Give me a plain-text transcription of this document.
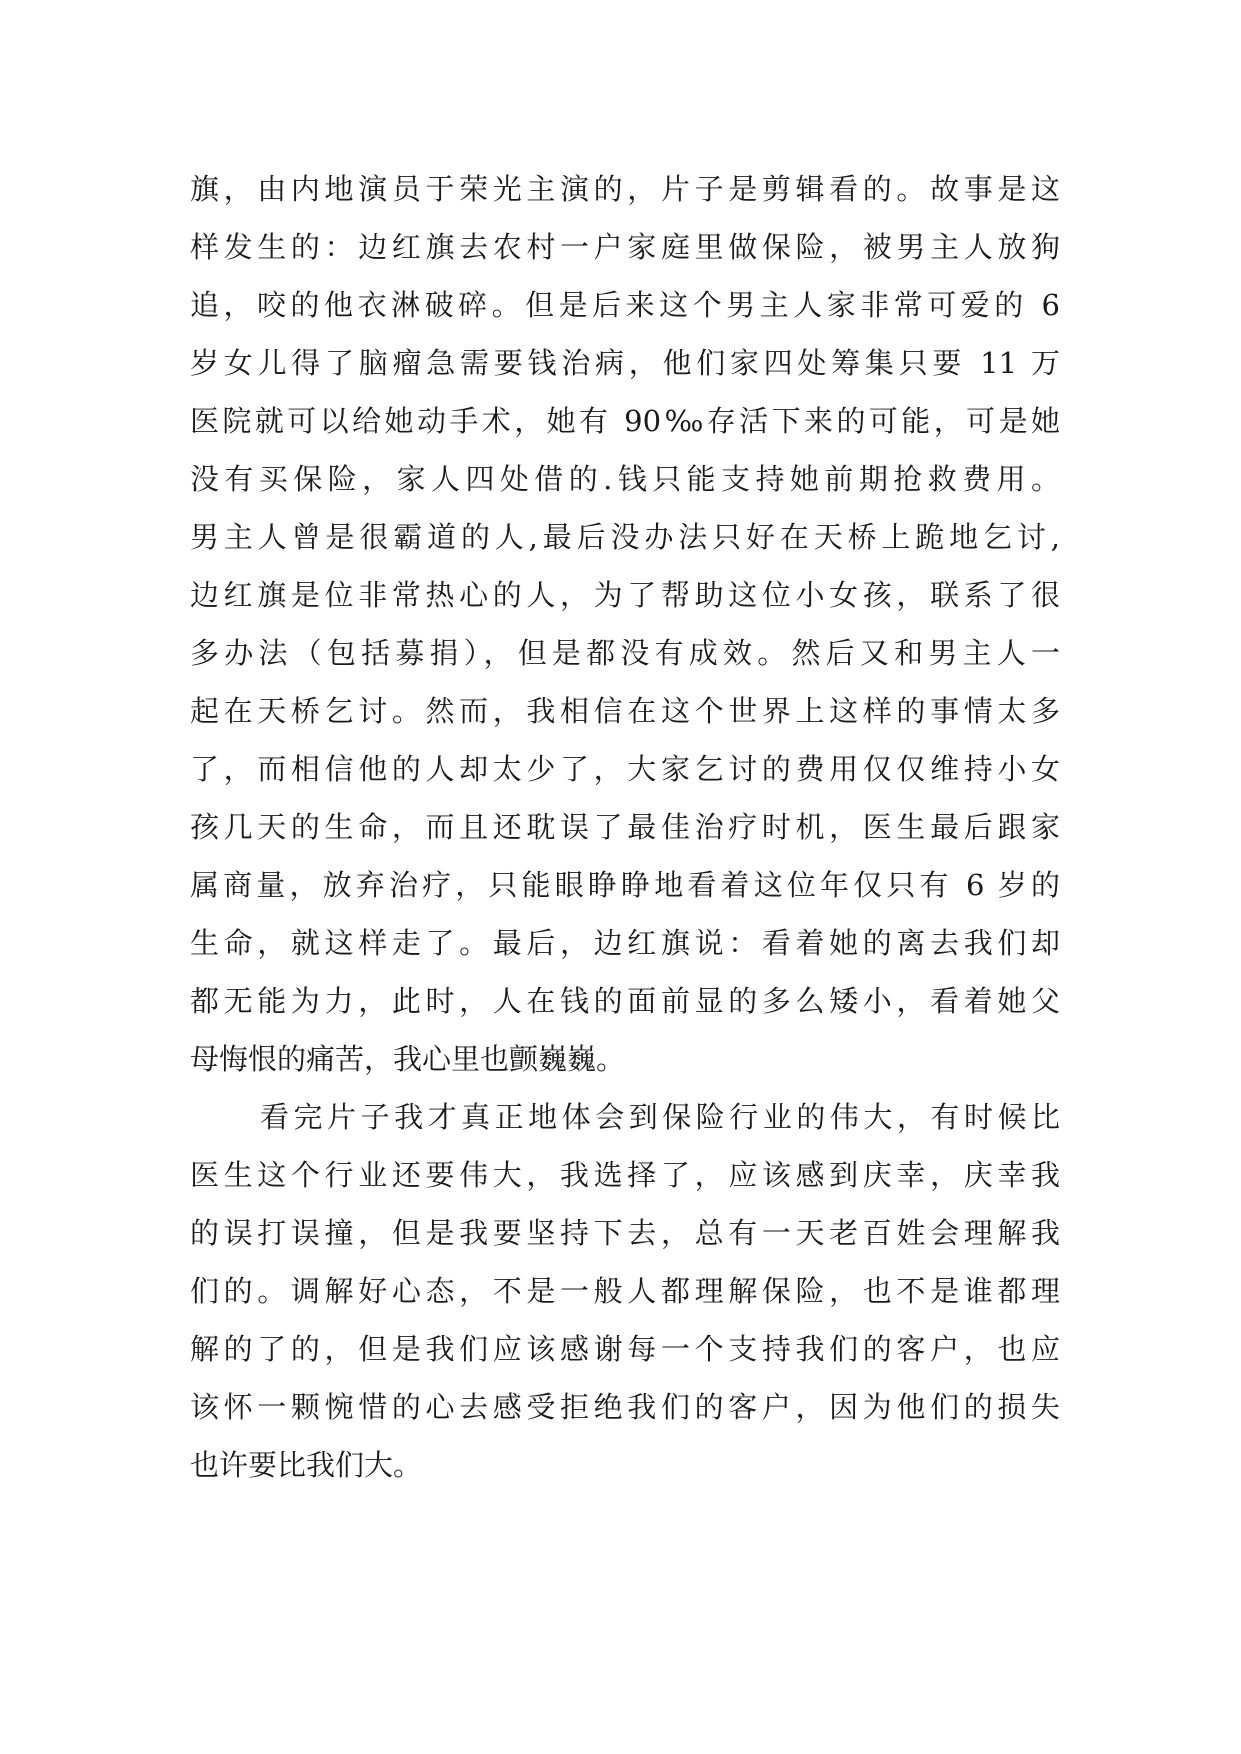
旗，由内地演员于荣光主演的，片子是剪辑看的。故事是这
样发生的：边红旗去农村一户家庭里做保险，被男主人放狗
追，咬的他衣淋破碎。但是后来这个男主人家非常可爱的 6
岁女儿得了脑瘤急需要钱治病，他们家四处筹集只要 11 万
医院就可以给她动手术，她有 90‰存活下来的可能，可是她
没有买保险，家人四处借的.钱只能支持她前期抢救费用。
男主人曾是很霸道的人,最后没办法只好在天桥上跪地乞讨,
边红旗是位非常热心的人，为了帮助这位小女孩，联系了很
多办法（包括募捐），但是都没有成效。然后又和男主人一
起在天桥乞讨。然而，我相信在这个世界上这样的事情太多
了，而相信他的人却太少了，大家乞讨的费用仅仅维持小女
孩几天的生命，而且还耽误了最佳治疗时机，医生最后跟家
属商量，放弃治疗，只能眼睁睁地看着这位年仅只有 6 岁的
生命，就这样走了。最后，边红旗说：看着她的离去我们却
都无能为力，此时，人在钱的面前显的多么矮小，看着她父
母悔恨的痛苦，我心里也颤巍巍。
看完片子我才真正地体会到保险行业的伟大，有时候比
医生这个行业还要伟大，我选择了，应该感到庆幸，庆幸我
的误打误撞，但是我要坚持下去，总有一天老百姓会理解我
们的。调解好心态，不是一般人都理解保险，也不是谁都理
解的了的，但是我们应该感谢每一个支持我们的客户，也应
该怀一颗惋惜的心去感受拒绝我们的客户，因为他们的损失
也许要比我们大。
